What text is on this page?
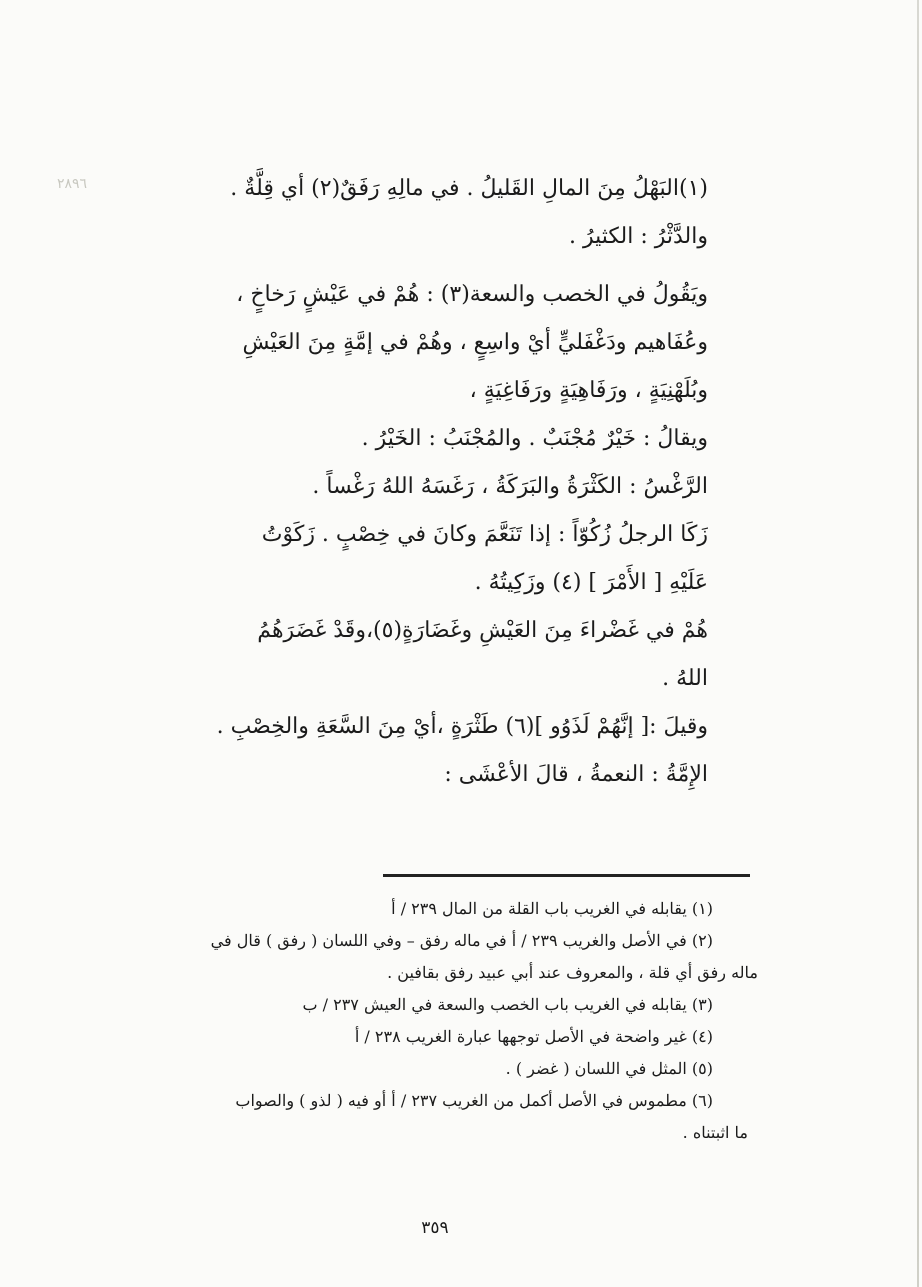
٢٨٩٦	(١)البَهْلُ مِنَ المالِ القَليلُ . في مالِهِ رَفَقٌ(٢) أي قِلَّةٌ .
والدَّثْرُ : الكثيرُ .
ويَقُولُ في الخصب والسعة(٣) : هُمْ في عَيْشٍ رَخاخٍ ،
وعُفَاهيم ودَغْفَليٍّ أيْ واسِعٍ ، وهُمْ في إمَّةٍ مِنَ العَيْشِ
وبُلَهْنِيَةٍ ، ورَفَاهِيَةٍ ورَفَاغِيَةٍ ،
ويقالُ : خَيْرٌ مُجْنَبٌ . والمُجْنَبُ : الخَيْرُ .
الرَّغْسُ : الكَثْرَةُ والبَرَكَةُ ، رَغَسَهُ اللهُ رَغْساً .
زَكَا الرجلُ زُكُوّاً : إذا تَنَعَّمَ وكانَ في خِصْبٍ . زَكَوْتُ
عَلَيْهِ [ الأَمْرَ ] (٤) وزَكِيتُهُ .
هُمْ في غَضْراءَ مِنَ العَيْشِ وغَضَارَةٍ(٥)،وقَدْ غَضَرَهُمُ
اللهُ .
وقيلَ :[ إنَّهُمْ لَذَوُو ](٦) طَثْرَةٍ ،أيْ مِنَ السَّعَةِ والخِصْبِ .
الإِمَّةُ : النعمةُ ، قالَ الأعْشَى :
(١) يقابله في الغريب باب القلة من المال ٢٣٩ / أ
(٢) في الأصل والغريب ٢٣٩ / أ في ماله رفق – وفي اللسان ( رفق ) قال في
ماله رفق أي قلة ، والمعروف عند أبي عبيد رفق بقافين .
(٣) يقابله في الغريب باب الخصب والسعة في العيش ٢٣٧ / ب
(٤) غير واضحة في الأصل توجهها عبارة الغريب ٢٣٨ / أ
(٥) المثل في اللسان ( غضر ) .
(٦) مطموس في الأصل أكمل من الغريب ٢٣٧ / أ أو فيه ( لذو ) والصواب
ما اثبتناه .
٣٥٩
